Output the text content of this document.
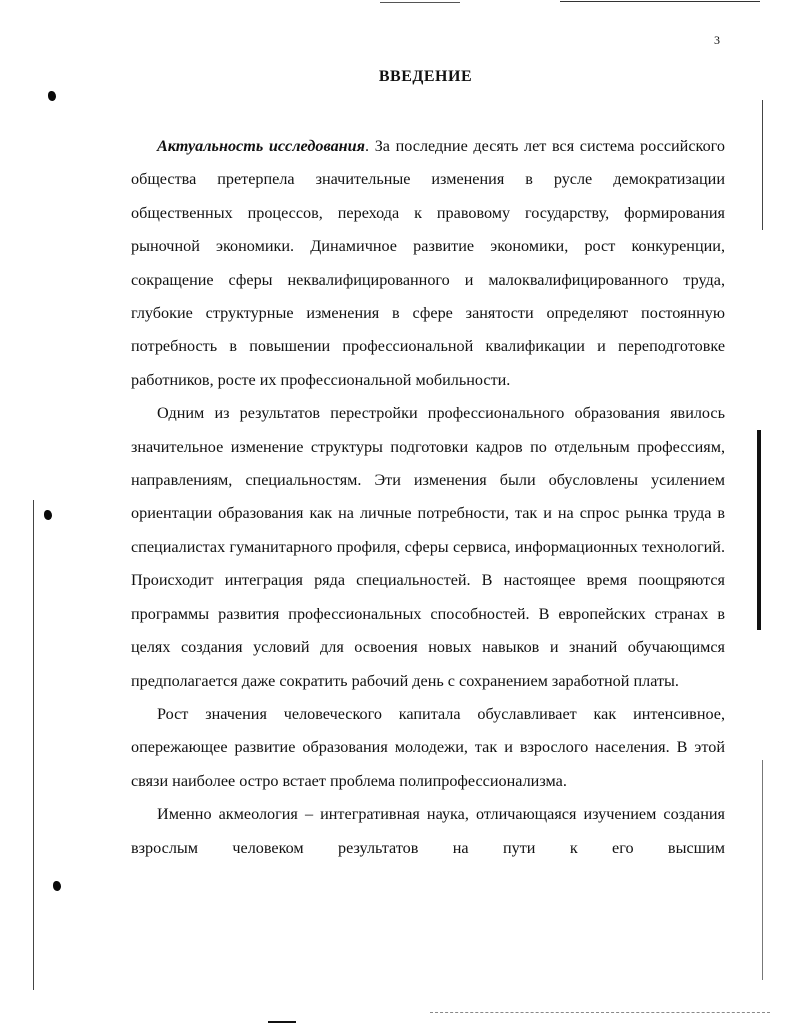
3
ВВЕДЕНИЕ

Актуальность исследования. За последние десять лет вся система российского общества претерпела значительные изменения в русле демократизации общественных процессов, перехода к правовому государству, формирования рыночной экономики. Динамичное развитие экономики, рост конкуренции, сокращение сферы неквалифицированного и малоквалифицированного труда, глубокие структурные изменения в сфере занятости определяют постоянную потребность в повышении профессиональной квалификации и переподготовке работников, росте их профессиональной мобильности.

Одним из результатов перестройки профессионального образования явилось значительное изменение структуры подготовки кадров по отдельным профессиям, направлениям, специальностям. Эти изменения были обусловлены усилением ориентации образования как на личные потребности, так и на спрос рынка труда в специалистах гуманитарного профиля, сферы сервиса, информационных технологий. Происходит интеграция ряда специальностей. В настоящее время поощряются программы развития профессиональных способностей. В европейских странах в целях создания условий для освоения новых навыков и знаний обучающимся предполагается даже сократить рабочий день с сохранением заработной платы.

Рост значения человеческого капитала обуславливает как интенсивное, опережающее развитие образования молодежи, так и взрослого населения. В этой связи наиболее остро встает проблема полипрофессионализма.

Именно акмеология – интегративная наука, отличающаяся изучением создания взрослым человеком результатов на пути к его высшим
